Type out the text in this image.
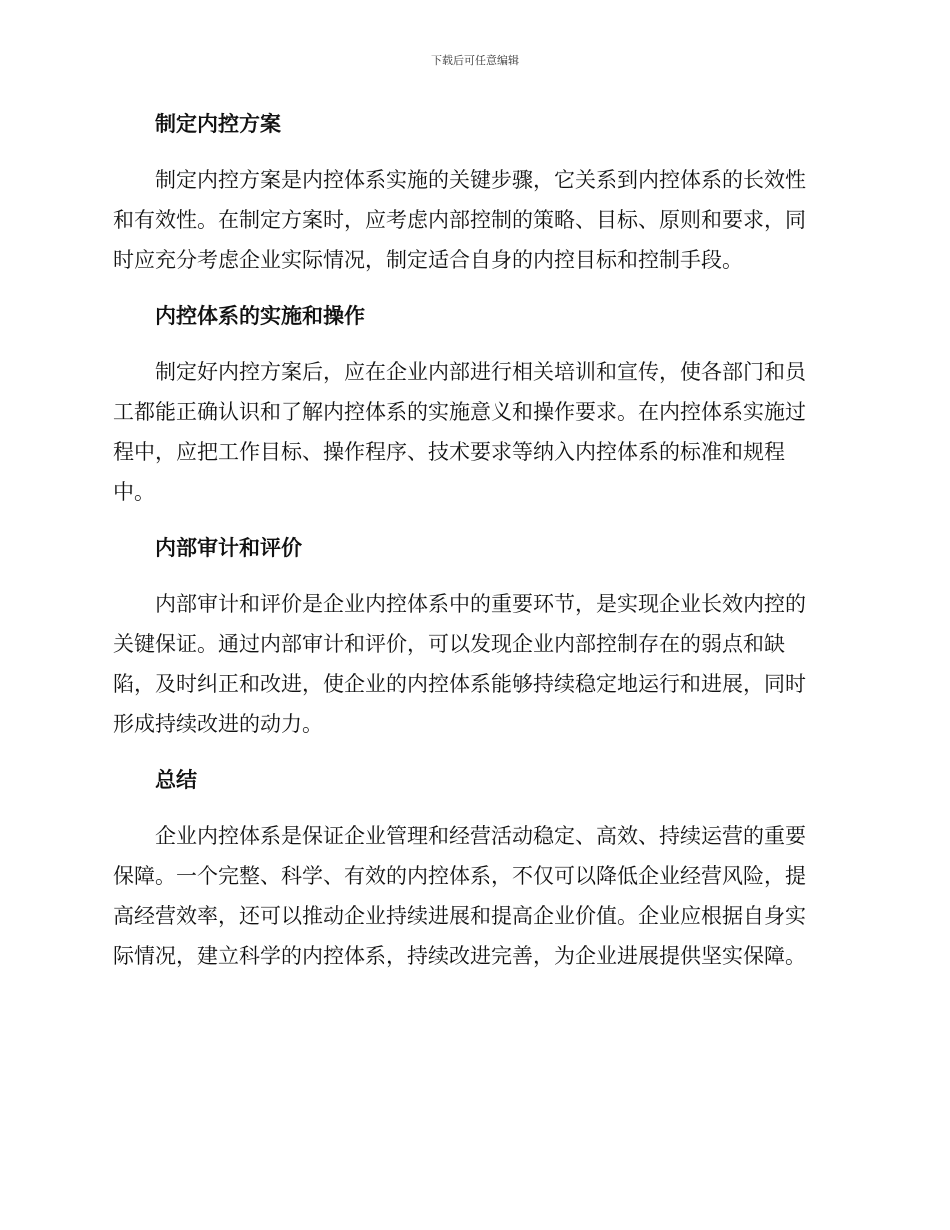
下载后可任意编辑
制定内控方案
制定内控方案是内控体系实施的关键步骤，它关系到内控体系的长效性
和有效性。在制定方案时，应考虑内部控制的策略、目标、原则和要求，同
时应充分考虑企业实际情况，制定适合自身的内控目标和控制手段。
内控体系的实施和操作
制定好内控方案后，应在企业内部进行相关培训和宣传，使各部门和员
工都能正确认识和了解内控体系的实施意义和操作要求。在内控体系实施过
程中，应把工作目标、操作程序、技术要求等纳入内控体系的标准和规程
中。
内部审计和评价
内部审计和评价是企业内控体系中的重要环节，是实现企业长效内控的
关键保证。通过内部审计和评价，可以发现企业内部控制存在的弱点和缺
陷，及时纠正和改进，使企业的内控体系能够持续稳定地运行和进展，同时
形成持续改进的动力。
总结
企业内控体系是保证企业管理和经营活动稳定、高效、持续运营的重要
保障。一个完整、科学、有效的内控体系，不仅可以降低企业经营风险，提
高经营效率，还可以推动企业持续进展和提高企业价值。企业应根据自身实
际情况，建立科学的内控体系，持续改进完善，为企业进展提供坚实保障。
